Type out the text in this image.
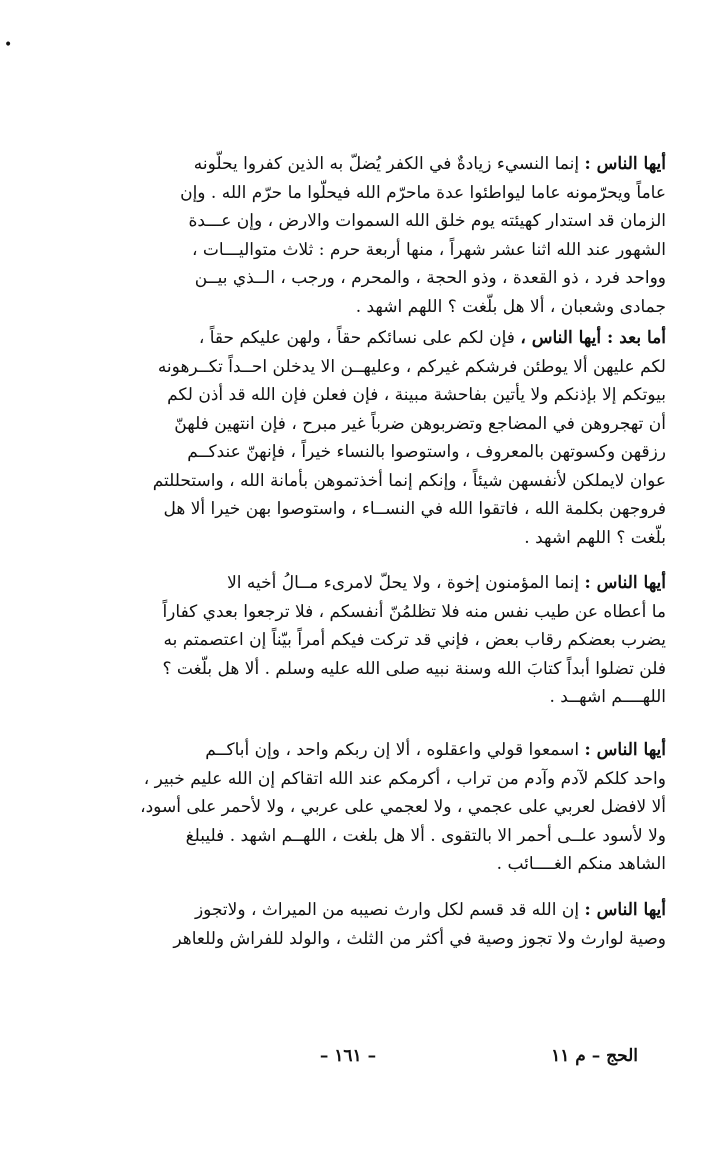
•
أيها الناس : إنما النسيء زيادةٌ في الكفر يُضلّ به الذين كفروا يحلّونه
عاماً ويحرّمونه عاما ليواطئوا عدة ماحرّم الله فيحلّوا ما حرّم الله . وإن
الزمان قد استدار كهيئته يوم خلق الله السموات والارض ، وإن عـــدة
الشهور عند الله اثنا عشر شهراً ، منها أربعة حرم : ثلاث متواليـــات ،
وواحد فرد ، ذو القعدة ، وذو الحجة ، والمحرم ، ورجب ، الــذي بيــن
جمادى وشعبان ، ألا هل بلّغت ؟ اللهم اشهد .
أما بعد : أيها الناس ، فإن لكم على نسائكم حقاً ، ولهن عليكم حقاً ،
لكم عليهن ألا يوطئن فرشكم غيركم ، وعليهــن الا يدخلن احــداً تكــرهونه
بيوتكم إلا بإذنكم ولا يأتين بفاحشة مبينة ، فإن فعلن فإن الله قد أذن لكم
أن تهجروهن في المضاجع وتضربوهن ضرباً غير مبرح ، فإن انتهين فلهنّ
رزقهن وكسوتهن بالمعروف ، واستوصوا بالنساء خيراً ، فإنهنّ عندكــم
عوان لايملكن لأنفسهن شيئاً ، وإنكم إنما أخذتموهن بأمانة الله ، واستحللتم
فروجهن بكلمة الله ، فاتقوا الله في النســاء ، واستوصوا بهن خيرا ألا هل
بلّغت ؟ اللهم اشهد .
أيها الناس : إنما المؤمنون إخوة ، ولا يحلّ لامرىء مــالُ أخيه الا
ما أعطاه عن طيب نفس منه فلا تظلمُنّ أنفسكم ، فلا ترجعوا بعدي كفاراً
يضرب بعضكم رقاب بعض ، فإني قد تركت فيكم أمراً بيّناً إن اعتصمتم به
فلن تضلوا أبداً كتابَ الله وسنة نبيه صلى الله عليه وسلم . ألا هل بلّغت ؟
اللهــــم اشهــد .
أيها الناس : اسمعوا قولي واعقلوه ، ألا إن ربكم واحد ، وإن أباكــم
واحد كلكم لآدم وآدم من تراب ، أكرمكم عند الله اتقاكم إن الله عليم خبير ،
ألا لافضل لعربي على عجمي ، ولا لعجمي على عربي ، ولا لأحمر على أسود،
ولا لأسود علــى أحمر الا بالتقوى . ألا هل بلغت ، اللهــم اشهد . فليبلغ
الشاهد منكم الغــــائب .
أيها الناس : إن الله قد قسم لكل وارث نصيبه من الميراث ، ولاتجوز
وصية لوارث ولا تجوز وصية في أكثر من الثلث ، والولد للفراش وللعاهر
الحج – م ١١
– ١٦١ –
